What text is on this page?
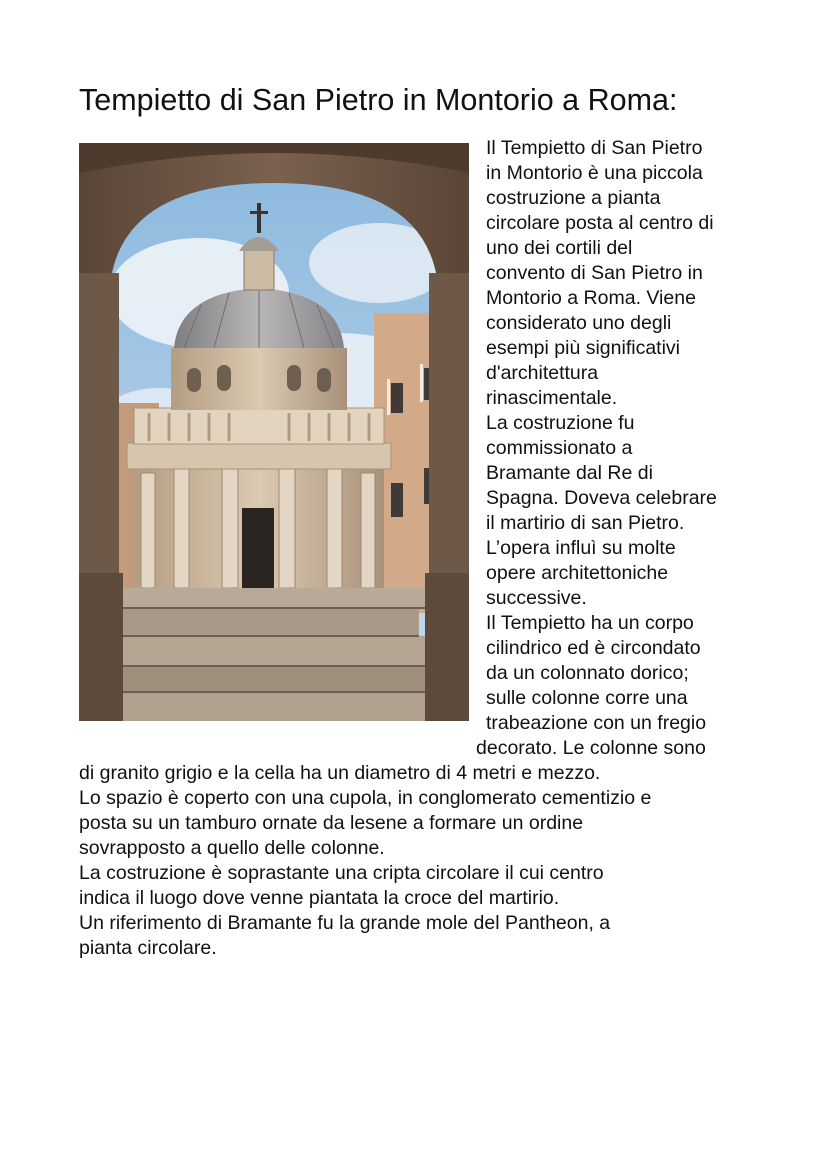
Tempietto di San Pietro in Montorio a Roma:

Il Tempietto di San Pietro

in Montorio è una piccola

costruzione a pianta

circolare posta al centro di

uno dei cortili del

convento di San Pietro in

Montorio a Roma. Viene

considerato uno degli

esempi più significativi

d'architettura

rinascimentale.

La costruzione fu

commissionato a

Bramante dal Re di

Spagna. Doveva celebrare

il martirio di san Pietro.

L’opera influì su molte

opere architettoniche

successive.

Il Tempietto ha un corpo

cilindrico ed è circondato

da un colonnato dorico;

sulle colonne corre una

trabeazione con un fregio

decorato. Le colonne sono

di granito grigio e la cella ha un diametro di 4 metri e mezzo.

Lo spazio è coperto con una cupola, in conglomerato cementizio e

posta su un tamburo ornate da lesene a formare un ordine

sovrapposto a quello delle colonne.

La costruzione è soprastante una cripta circolare il cui centro

indica il luogo dove venne piantata la croce del martirio.

Un riferimento di Bramante fu la grande mole del Pantheon, a

pianta circolare.
